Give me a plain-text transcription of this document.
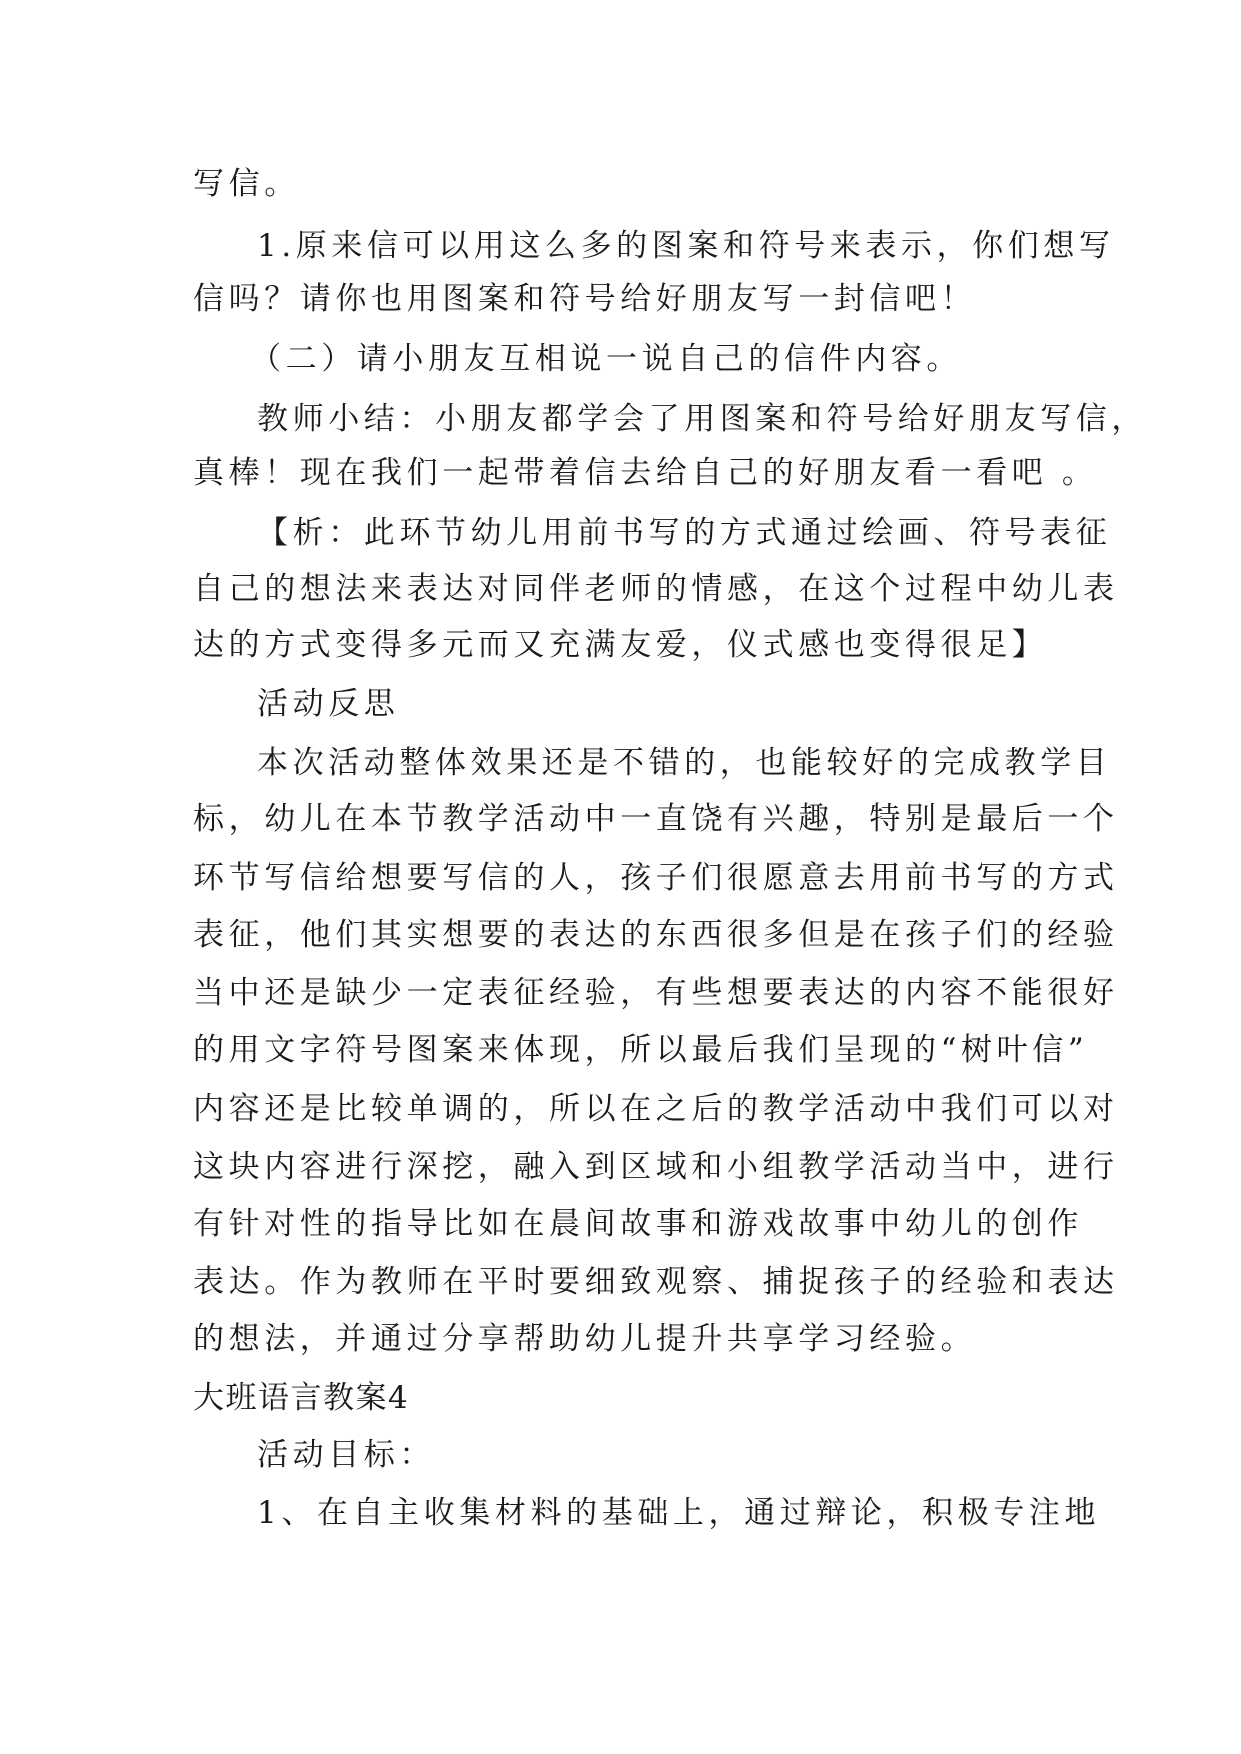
写信。
1.原来信可以用这么多的图案和符号来表示，你们想写
信吗？请你也用图案和符号给好朋友写一封信吧！
（二）请小朋友互相说一说自己的信件内容。
教师小结：小朋友都学会了用图案和符号给好朋友写信，
真棒！现在我们一起带着信去给自己的好朋友看一看吧 。
【析：此环节幼儿用前书写的方式通过绘画、符号表征
自己的想法来表达对同伴老师的情感，在这个过程中幼儿表
达的方式变得多元而又充满友爱，仪式感也变得很足】
活动反思
本次活动整体效果还是不错的，也能较好的完成教学目
标，幼儿在本节教学活动中一直饶有兴趣，特别是最后一个
环节写信给想要写信的人，孩子们很愿意去用前书写的方式
表征，他们其实想要的表达的东西很多但是在孩子们的经验
当中还是缺少一定表征经验，有些想要表达的内容不能很好
的用文字符号图案来体现，所以最后我们呈现的“树叶信”
内容还是比较单调的，所以在之后的教学活动中我们可以对
这块内容进行深挖，融入到区域和小组教学活动当中，进行
有针对性的指导比如在晨间故事和游戏故事中幼儿的创作
表达。作为教师在平时要细致观察、捕捉孩子的经验和表达
的想法，并通过分享帮助幼儿提升共享学习经验。
大班语言教案4
活动目标：
1、在自主收集材料的基础上，通过辩论，积极专注地
